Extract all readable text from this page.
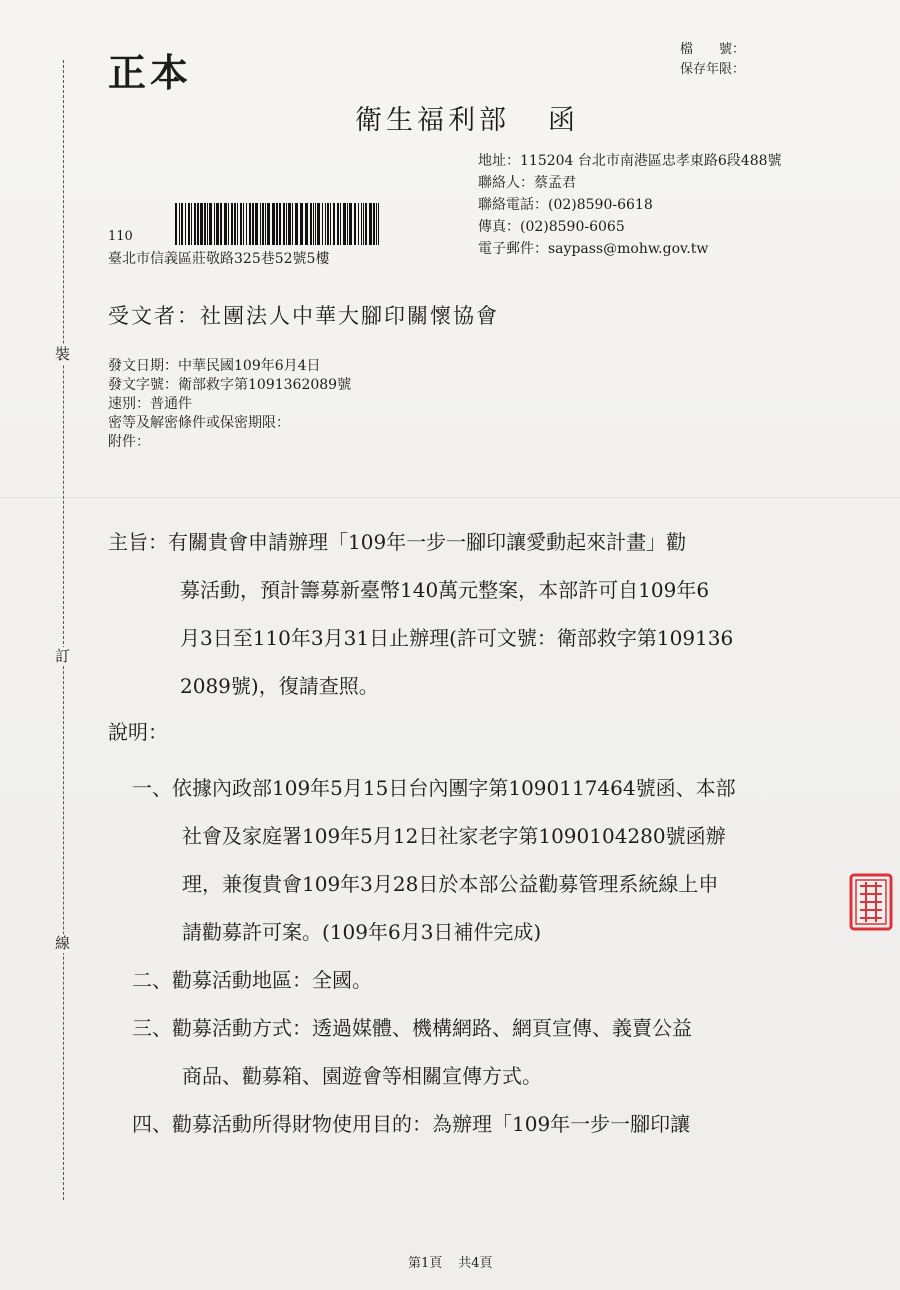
裝
訂
線
正本
檔　　號：
保存年限：
衛生福利部 函
地址：115204 台北市南港區忠孝東路6段488號
聯絡人：蔡孟君
聯絡電話：(02)8590-6618
傳真：(02)8590-6065
電子郵件：saypass@mohw.gov.tw
110
臺北市信義區莊敬路325巷52號5樓
受文者：社團法人中華大腳印關懷協會
發文日期：中華民國109年6月4日
發文字號：衛部救字第1091362089號
速別：普通件
密等及解密條件或保密期限：
附件：
主旨：有關貴會申請辦理「109年一步一腳印讓愛動起來計畫」勸
募活動，預計籌募新臺幣140萬元整案，本部許可自109年6
月3日至110年3月31日止辦理(許可文號：衛部救字第109136
2089號)，復請查照。
說明：
一、依據內政部109年5月15日台內團字第1090117464號函、本部
社會及家庭署109年5月12日社家老字第1090104280號函辦
理，兼復貴會109年3月28日於本部公益勸募管理系統線上申
請勸募許可案。(109年6月3日補件完成)
二、勸募活動地區：全國。
三、勸募活動方式：透過媒體、機構網路、網頁宣傳、義賣公益
商品、勸募箱、園遊會等相關宣傳方式。
四、勸募活動所得財物使用目的：為辦理「109年一步一腳印讓
第1頁 共4頁
